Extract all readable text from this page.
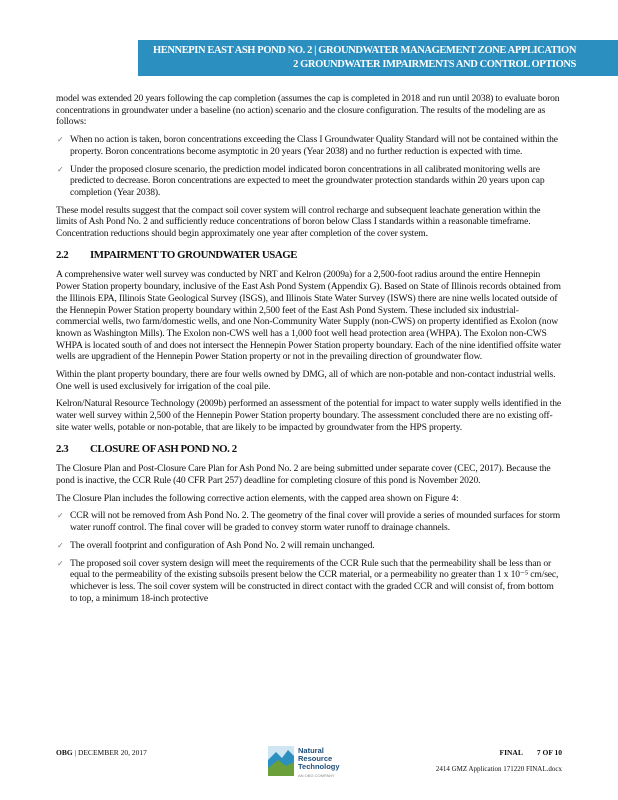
HENNEPIN EAST ASH POND NO. 2 | GROUNDWATER MANAGEMENT ZONE APPLICATION
2 GROUNDWATER IMPAIRMENTS AND CONTROL OPTIONS

model was extended 20 years following the cap completion (assumes the cap is completed in 2018 and run until 2038) to evaluate boron concentrations in groundwater under a baseline (no action) scenario and the closure configuration. The results of the modeling are as follows:

✓ When no action is taken, boron concentrations exceeding the Class I Groundwater Quality Standard will not be contained within the property. Boron concentrations become asymptotic in 20 years (Year 2038) and no further reduction is expected with time.
✓ Under the proposed closure scenario, the prediction model indicated boron concentrations in all calibrated monitoring wells are predicted to decrease. Boron concentrations are expected to meet the groundwater protection standards within 20 years upon cap completion (Year 2038).

These model results suggest that the compact soil cover system will control recharge and subsequent leachate generation within the limits of Ash Pond No. 2 and sufficiently reduce concentrations of boron below Class I standards within a reasonable timeframe. Concentration reductions should begin approximately one year after completion of the cover system.

2.2 IMPAIRMENT TO GROUNDWATER USAGE

A comprehensive water well survey was conducted by NRT and Kelron (2009a) for a 2,500-foot radius around the entire Hennepin Power Station property boundary, inclusive of the East Ash Pond System (Appendix G). Based on State of Illinois records obtained from the Illinois EPA, Illinois State Geological Survey (ISGS), and Illinois State Water Survey (ISWS) there are nine wells located outside of the Hennepin Power Station property boundary within 2,500 feet of the East Ash Pond System. These included six industrial-commercial wells, two farm/domestic wells, and one Non-Community Water Supply (non-CWS) on property identified as Exolon (now known as Washington Mills). The Exolon non-CWS well has a 1,000 foot well head protection area (WHPA). The Exolon non-CWS WHPA is located south of and does not intersect the Hennepin Power Station property boundary. Each of the nine identified offsite water wells are upgradient of the Hennepin Power Station property or not in the prevailing direction of groundwater flow.

Within the plant property boundary, there are four wells owned by DMG, all of which are non-potable and non-contact industrial wells. One well is used exclusively for irrigation of the coal pile.

Kelron/Natural Resource Technology (2009b) performed an assessment of the potential for impact to water supply wells identified in the water well survey within 2,500 of the Hennepin Power Station property boundary. The assessment concluded there are no existing off-site water wells, potable or non-potable, that are likely to be impacted by groundwater from the HPS property.

2.3 CLOSURE OF ASH POND NO. 2

The Closure Plan and Post-Closure Care Plan for Ash Pond No. 2 are being submitted under separate cover (CEC, 2017). Because the pond is inactive, the CCR Rule (40 CFR Part 257) deadline for completing closure of this pond is November 2020.

The Closure Plan includes the following corrective action elements, with the capped area shown on Figure 4:

✓ CCR will not be removed from Ash Pond No. 2. The geometry of the final cover will provide a series of mounded surfaces for storm water runoff control. The final cover will be graded to convey storm water runoff to drainage channels.
✓ The overall footprint and configuration of Ash Pond No. 2 will remain unchanged.
✓ The proposed soil cover system design will meet the requirements of the CCR Rule such that the permeability shall be less than or equal to the permeability of the existing subsoils present below the CCR material, or a permeability no greater than 1 x 10⁻⁵ cm/sec, whichever is less. The soil cover system will be constructed in direct contact with the graded CCR and will consist of, from bottom to top, a minimum 18-inch protective
OBG | DECEMBER 20, 2017	Natural
Resource
Technology
AN OBG COMPANY
FINAL 7 OF 10
2414 GMZ Application 171220 FINAL.docx
